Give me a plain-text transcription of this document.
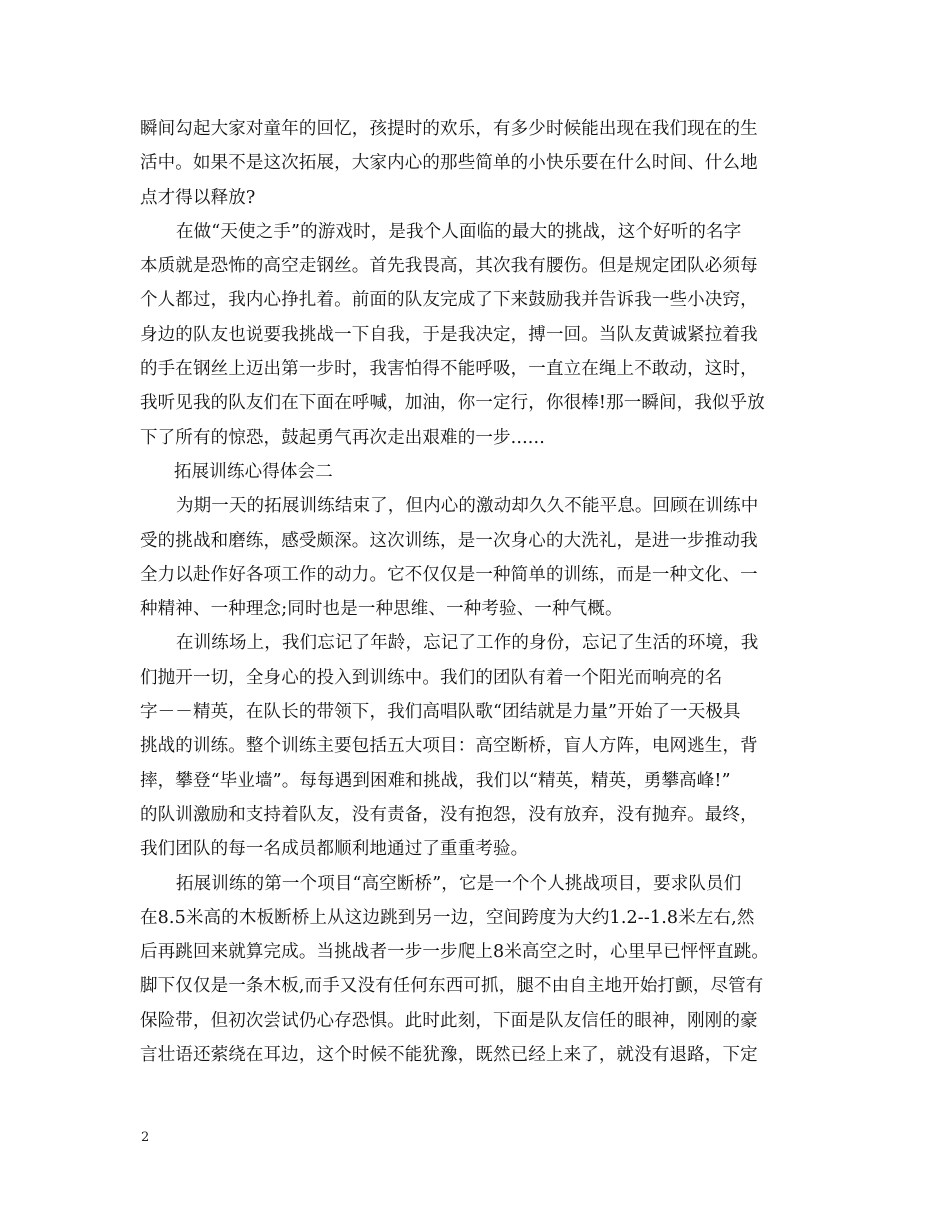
瞬间勾起大家对童年的回忆，孩提时的欢乐，有多少时候能出现在我们现在的生
活中。如果不是这次拓展，大家内心的那些简单的小快乐要在什么时间、什么地
点才得以释放?
在做“天使之手”的游戏时，是我个人面临的最大的挑战，这个好听的名字
本质就是恐怖的高空走钢丝。首先我畏高，其次我有腰伤。但是规定团队必须每
个人都过，我内心挣扎着。前面的队友完成了下来鼓励我并告诉我一些小决窍，
身边的队友也说要我挑战一下自我，于是我决定，搏一回。当队友黄诚紧拉着我
的手在钢丝上迈出第一步时，我害怕得不能呼吸，一直立在绳上不敢动，这时，
我听见我的队友们在下面在呼喊，加油，你一定行，你很棒!那一瞬间，我似乎放
下了所有的惊恐，鼓起勇气再次走出艰难的一步......
拓展训练心得体会二
为期一天的拓展训练结束了，但内心的激动却久久不能平息。回顾在训练中
受的挑战和磨练，感受颇深。这次训练，是一次身心的大洗礼，是进一步推动我
全力以赴作好各项工作的动力。它不仅仅是一种简单的训练，而是一种文化、一
种精神、一种理念;同时也是一种思维、一种考验、一种气概。
在训练场上，我们忘记了年龄，忘记了工作的身份，忘记了生活的环境，我
们抛开一切，全身心的投入到训练中。我们的团队有着一个阳光而响亮的名
字－－精英，在队长的带领下，我们高唱队歌“团结就是力量”开始了一天极具
挑战的训练。整个训练主要包括五大项目：高空断桥，盲人方阵，电网逃生，背
摔，攀登“毕业墙”。每每遇到困难和挑战，我们以“精英，精英，勇攀高峰!”
的队训激励和支持着队友，没有责备，没有抱怨，没有放弃，没有抛弃。最终，
我们团队的每一名成员都顺利地通过了重重考验。
拓展训练的第一个项目“高空断桥”，它是一个个人挑战项目，要求队员们
在8.5米高的木板断桥上从这边跳到另一边，空间跨度为大约1.2--1.8米左右,然
后再跳回来就算完成。当挑战者一步一步爬上8米高空之时，心里早已怦怦直跳。
脚下仅仅是一条木板,而手又没有任何东西可抓，腿不由自主地开始打颤，尽管有
保险带，但初次尝试仍心存恐惧。此时此刻，下面是队友信任的眼神，刚刚的豪
言壮语还萦绕在耳边，这个时候不能犹豫，既然已经上来了，就没有退路，下定
2
